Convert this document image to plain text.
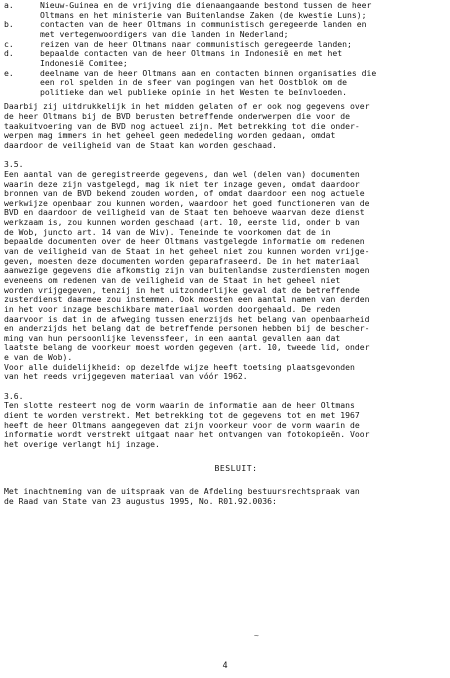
a.	Nieuw-Guinea en de vrijving die dienaangaande bestond tussen de heer
Oltmans en het ministerie van Buitenlandse Zaken (de kwestie Luns);
b.	contacten van de heer Oltmans in communistisch geregeerde landen en
met vertegenwoordigers van die landen in Nederland;
c.	reizen van de heer Oltmans naar communistisch geregeerde landen;
d.	bepaalde contacten van de heer Oltmans in Indonesië en met het
Indonesië Comitee;
e.	deelname van de heer Oltmans aan en contacten binnen organisaties die
een rol spelden in de sfeer van pogingen van het Oostblok om de
politieke dan wel publieke opinie in het Westen te beïnvloeden.
Daarbij zij uitdrukkelijk in het midden gelaten of er ook nog gegevens over
de heer Oltmans bij de BVD berusten betreffende onderwerpen die voor de
taakuitvoering van de BVD nog actueel zijn. Met betrekking tot die onder-
werpen mag immers in het geheel geen mededeling worden gedaan, omdat
daardoor de veiligheid van de Staat kan worden geschaad.
3.5.
Een aantal van de geregistreerde gegevens, dan wel (delen van) documenten
waarin deze zijn vastgelegd, mag ik niet ter inzage geven, omdat daardoor
bronnen van de BVD bekend zouden worden, of omdat daardoor een nog actuele
werkwijze openbaar zou kunnen worden, waardoor het goed functioneren van de
BVD en daardoor de veiligheid van de Staat ten behoeve waarvan deze dienst
werkzaam is, zou kunnen worden geschaad (art. 10, eerste lid, onder b van
de Wob, juncto art. 14 van de Wiv). Teneinde te voorkomen dat de in
bepaalde documenten over de heer Oltmans vastgelegde informatie om redenen
van de veiligheid van de Staat in het geheel niet zou kunnen worden vrijge-
geven, moesten deze documenten worden geparafraseerd. De in het materiaal
aanwezige gegevens die afkomstig zijn van buitenlandse zusterdiensten mogen
eveneens om redenen van de veiligheid van de Staat in het geheel niet
worden vrijgegeven, tenzij in het uitzonderlijke geval dat de betreffende
zusterdienst daarmee zou instemmen. Ook moesten een aantal namen van derden
in het voor inzage beschikbare materiaal worden doorgehaald. De reden
daarvoor is dat in de afweging tussen enerzijds het belang van openbaarheid
en anderzijds het belang dat de betreffende personen hebben bij de bescher-
ming van hun persoonlijke levenssfeer, in een aantal gevallen aan dat
laatste belang de voorkeur moest worden gegeven (art. 10, tweede lid, onder
e van de Wob).
Voor alle duidelijkheid: op dezelfde wijze heeft toetsing plaatsgevonden
van het reeds vrijgegeven materiaal van vóór 1962.
3.6.
Ten slotte resteert nog de vorm waarin de informatie aan de heer Oltmans
dient te worden verstrekt. Met betrekking tot de gegevens tot en met 1967
heeft de heer Oltmans aangegeven dat zijn voorkeur voor de vorm waarin de
informatie wordt verstrekt uitgaat naar het ontvangen van fotokopieën. Voor
het overige verlangt hij inzage.
BESLUIT:
Met inachtneming van de uitspraak van de Afdeling bestuursrechtspraak van
de Raad van State van 23 augustus 1995, No. R01.92.0036:
~
4
